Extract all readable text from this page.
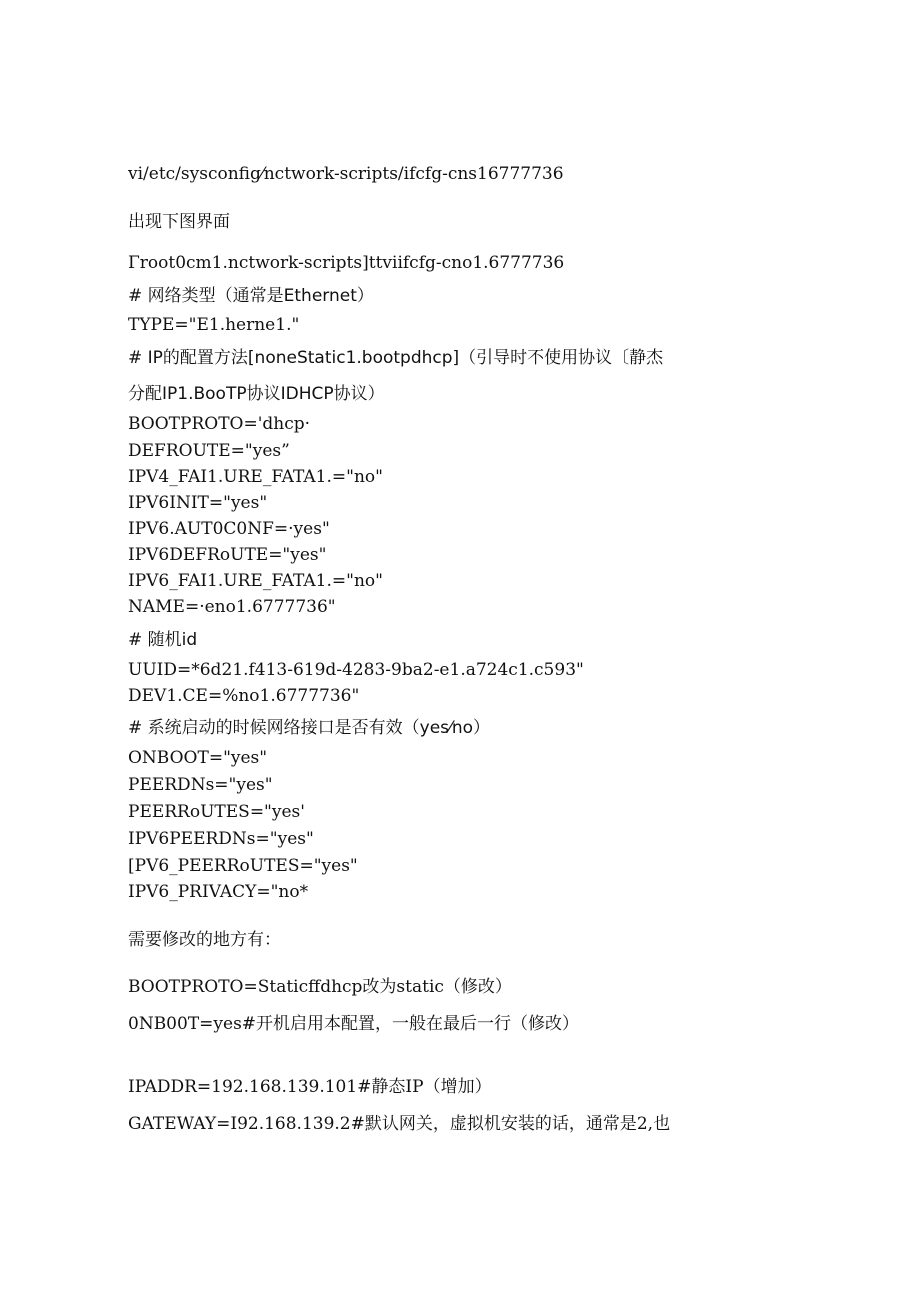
vi/etc/sysconfig⁄nctwork-scripts/ifcfg-cns16777736
出现下图界面
Γroot0cm1.nctwork-scripts]ttviifcfg-cno1.6777736
# 网络类型（通常是Ethernet）
TYPE="E1.herne1."
# IP的配置方法[noneStatic1.bootpdhcp]（引导时不使用协议〔静杰
分配IP1.BooTP协议IDHCP协议）
BOOTPROTO='dhcp·
DEFROUTE="yes”
IPV4_FAI1.URE_FATA1.="no"
IPV6INIT="yes"
IPV6.AUT0C0NF=·yes"
IPV6DEFRoUTE="yes"
IPV6_FAI1.URE_FATA1.="no"
NAME=·eno1.6777736"
# 随机id
UUID=*6d21.f413-619d-4283-9ba2-e1.a724c1.c593"
DEV1.CE=%no1.6777736"
# 系统启动的时候网络接口是否有效（yes⁄no）
ONBOOT="yes"
PEERDNs="yes"
PEERRoUTES="yes'
IPV6PEERDNs="yes"
[PV6_PEERRoUTES="yes"
IPV6_PRIVACY="no*
需要修改的地方有：
BOOTPROTO=Staticffdhcp改为static（修改）
0NB00T=yes#开机启用本配置，一般在最后一行（修改）
IPADDR=192.168.139.101#静态IP（增加）
GATEWAY=I92.168.139.2#默认网关，虚拟机安装的话，通常是2,也
